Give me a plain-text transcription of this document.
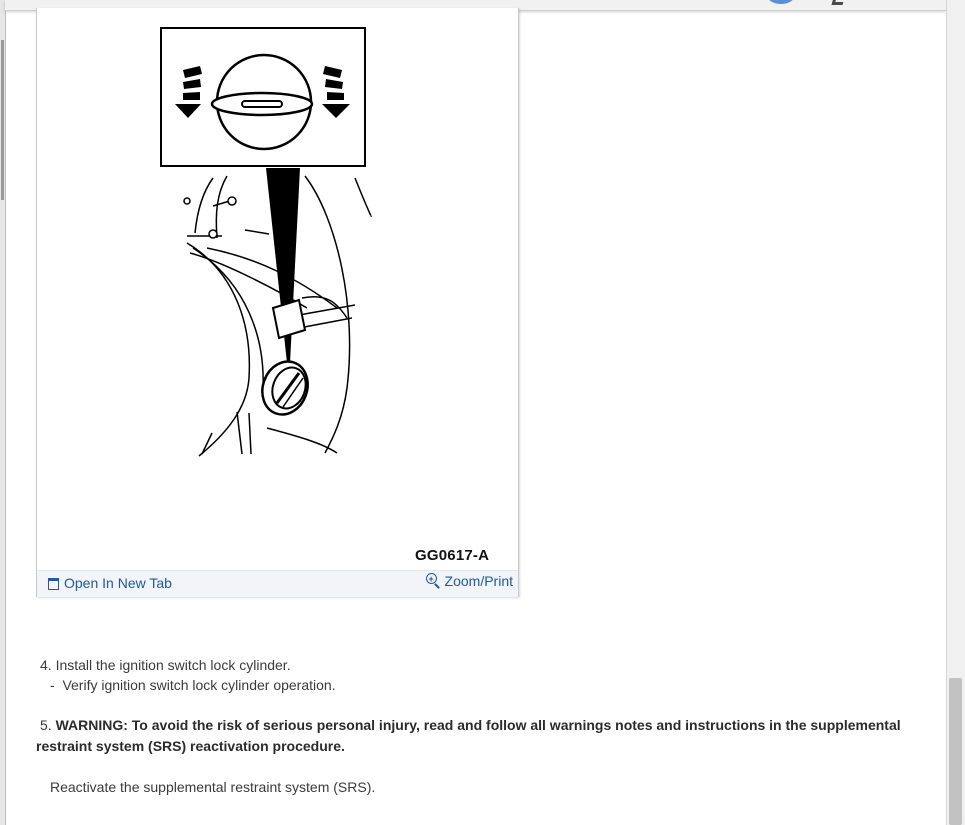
GG0617-A
Open In New Tab	+ Zoom/Print
4. Install the ignition switch lock cylinder.
-  Verify ignition switch lock cylinder operation.
5. WARNING: To avoid the risk of serious personal injury, read and follow all warnings notes and instructions in the supplemental restraint system (SRS) reactivation procedure.
Reactivate the supplemental restraint system (SRS).
